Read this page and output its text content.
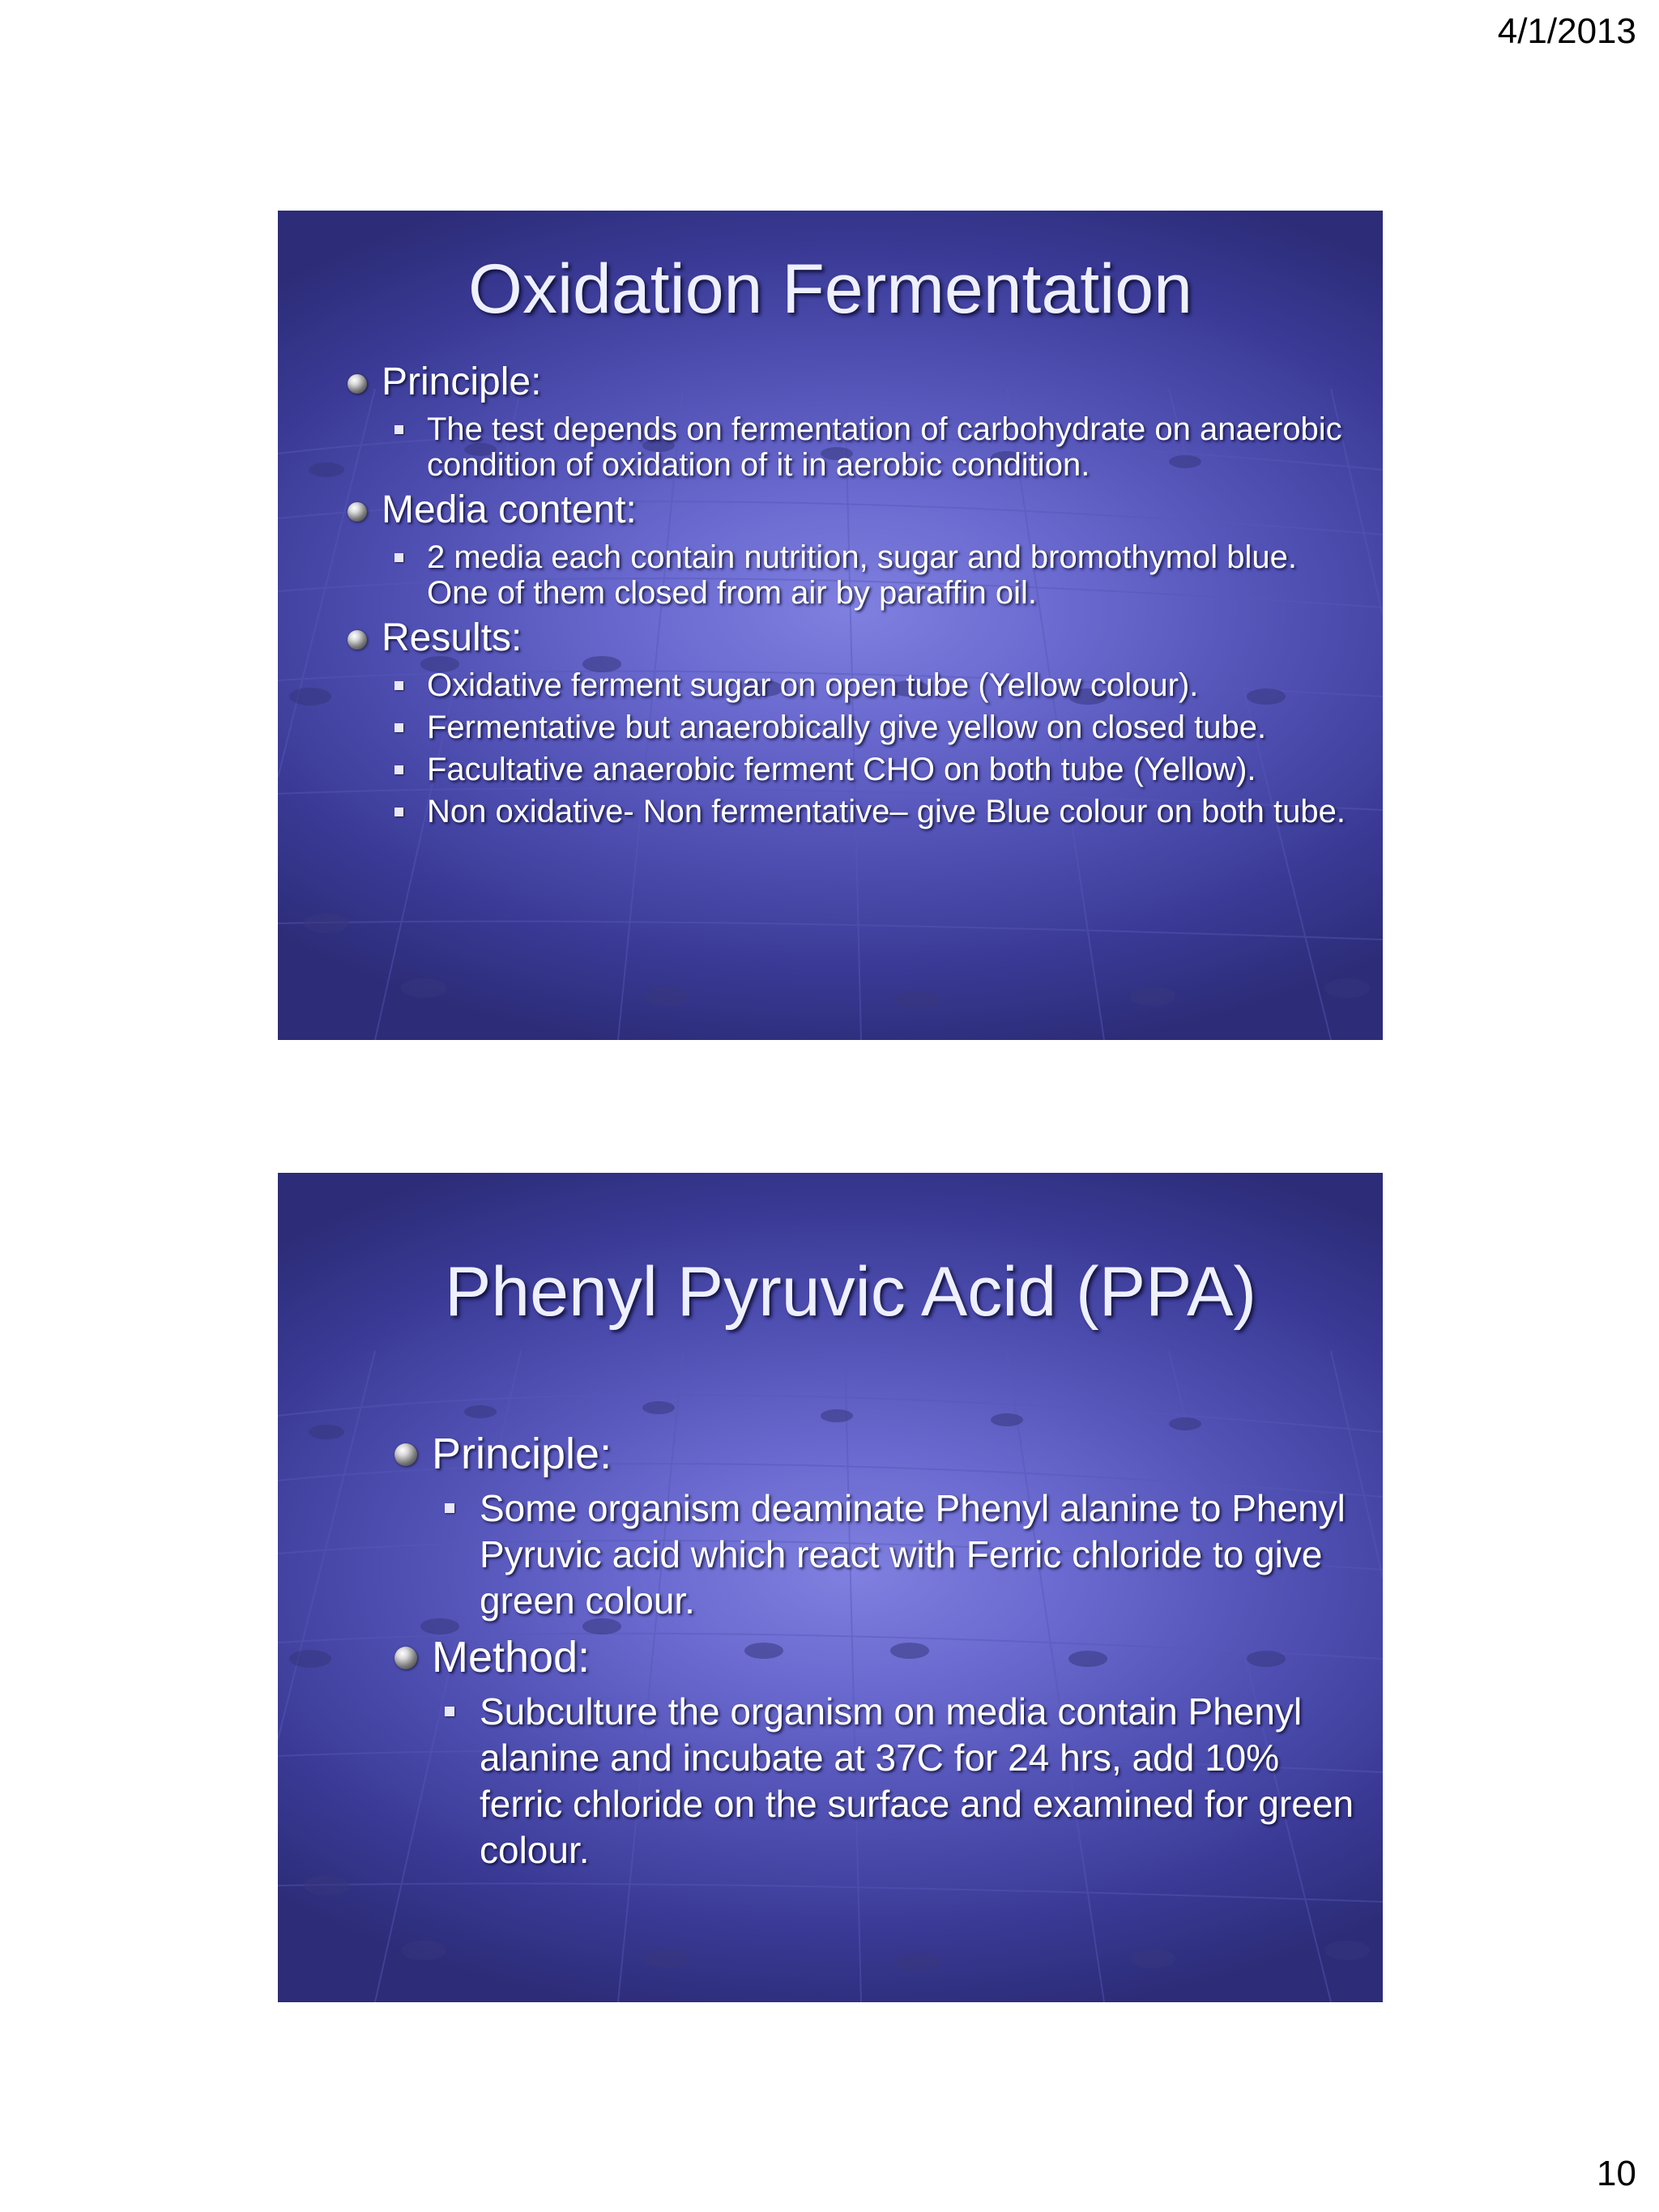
4/1/2013
Oxidation Fermentation
Principle:
The test depends on fermentation of carbohydrate on anaerobic condition of oxidation of it in aerobic condition.
Media content:
2 media each contain nutrition, sugar and bromothymol blue. One of them closed from air by paraffin oil.
Results:
Oxidative ferment sugar on open tube (Yellow colour).
Fermentative but anaerobically give yellow on closed tube.
Facultative anaerobic ferment CHO on both tube (Yellow).
Non oxidative- Non fermentative– give Blue colour on both tube.
Phenyl Pyruvic Acid (PPA)
Principle:
Some organism deaminate Phenyl alanine to Phenyl Pyruvic acid which react with Ferric chloride to give green colour.
Method:
Subculture the organism on media contain Phenyl alanine and incubate at 37C for 24 hrs, add 10% ferric chloride on the surface and examined for green colour.
10
